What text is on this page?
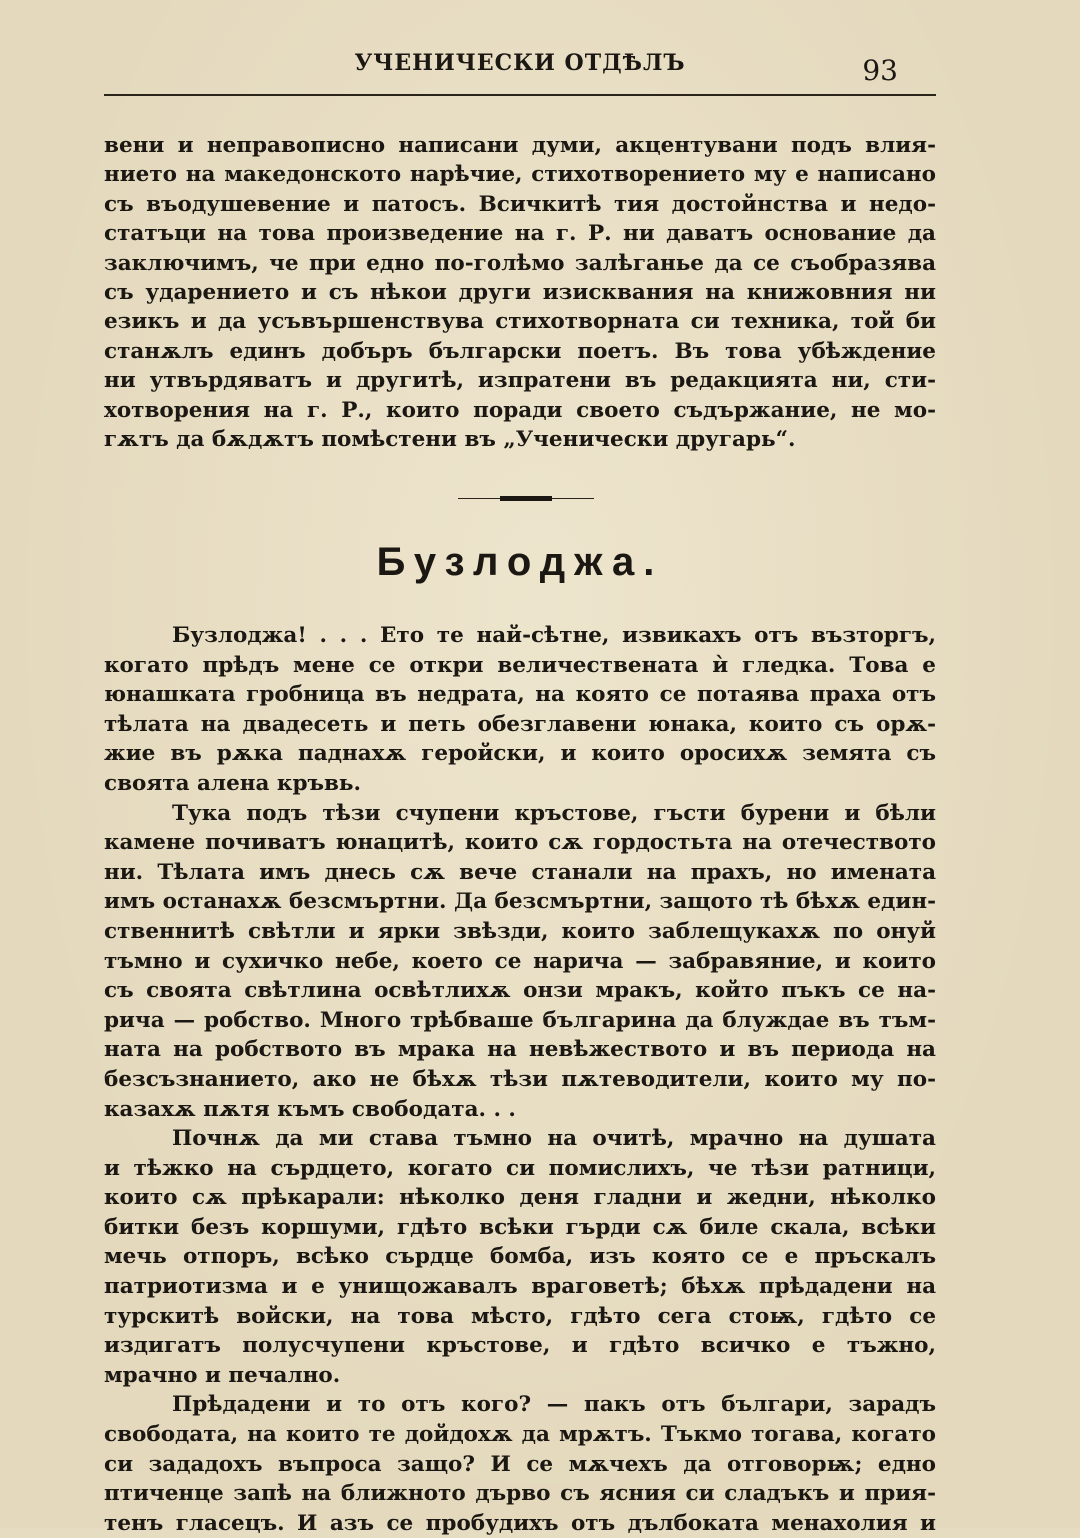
УЧЕНИЧЕСКИ ОТДѢЛЪ	93
вени и неправописно написани думи, акцентувани подъ влия-
нието на македонското нарѣчие, стихотворението му е написано
съ въодушевение и патосъ. Всичкитѣ тия достойнства и недо-
статъци на това произведение на г. Р. ни даватъ основание да
заключимъ, че при едно по-голѣмо залѣганье да се съобразява
съ ударението и съ нѣкои други изисквания на книжовния ни
езикъ и да усъвършенствува стихотворната си техника, той би
станѫлъ единъ добъръ български поетъ. Въ това убѣждение
ни утвърдяватъ и другитѣ, изпратени въ редакцията ни, сти-
хотворения на г. Р., които поради своето съдържание, не мо-
гѫтъ да бѫдѫтъ помѣстени въ „Ученически другарь“.
Бузлоджа.
Бузлоджа! . . . Ето те най-сѣтне, извикахъ отъ възторгъ,
когато прѣдъ мене се откри величествената ѝ гледка. Това е
юнашката гробница въ недрата, на която се потаява праха отъ
тѣлата на двадесеть и петь обезглавени юнака, които съ орѫ-
жие въ рѫка паднахѫ геройски, и които оросихѫ земята съ
своята алена кръвь.
Тука подъ тѣзи счупени кръстове, гъсти бурени и бѣли
камене почиватъ юнацитѣ, които сѫ гордостьта на отечеството
ни. Тѣлата имъ днесь сѫ вече станали на прахъ, но имената
имъ останахѫ безсмъртни. Да безсмъртни, защото тѣ бѣхѫ един-
ственнитѣ свѣтли и ярки звѣзди, които заблещукахѫ по онуй
тъмно и сухичко небе, което се нарича — забравяние, и които
съ своята свѣтлина освѣтлихѫ онзи мракъ, който пъкъ се на-
рича — робство. Много трѣбваше българина да блуждае въ тъм-
ната на робството въ мрака на невѣжеството и въ периода на
безсъзнанието, ако не бѣхѫ тѣзи пѫтеводители, които му по-
казахѫ пѫтя къмъ свободата. . .
Почнѫ да ми става тъмно на очитѣ, мрачно на душата
и тѣжко на сърдцето, когато си помислихъ, че тѣзи ратници,
които сѫ прѣкарали: нѣколко деня гладни и жедни, нѣколко
битки безъ коршуми, гдѣто всѣки гърди сѫ биле скала, всѣки
мечь отпоръ, всѣко сърдце бомба, изъ която се е пръскалъ
патриотизма и е унищожавалъ враговетѣ; бѣхѫ прѣдадени на
турскитѣ войски, на това мѣсто, гдѣто сега стоѭ, гдѣто се
издигатъ полусчупени кръстове, и гдѣто всичко е тъжно,
мрачно и печално.
Прѣдадени и то отъ кого? — пакъ отъ българи, зарадъ
свободата, на които те дойдохѫ да мрѫтъ. Тъкмо тогава, когато
си зададохъ въпроса защо? И се мѫчехъ да отговорѭ; едно
птиченце запѣ на ближното дърво съ ясния си сладъкъ и прия-
тенъ гласецъ. И азъ се пробудихъ отъ дълбоката менахолия и
